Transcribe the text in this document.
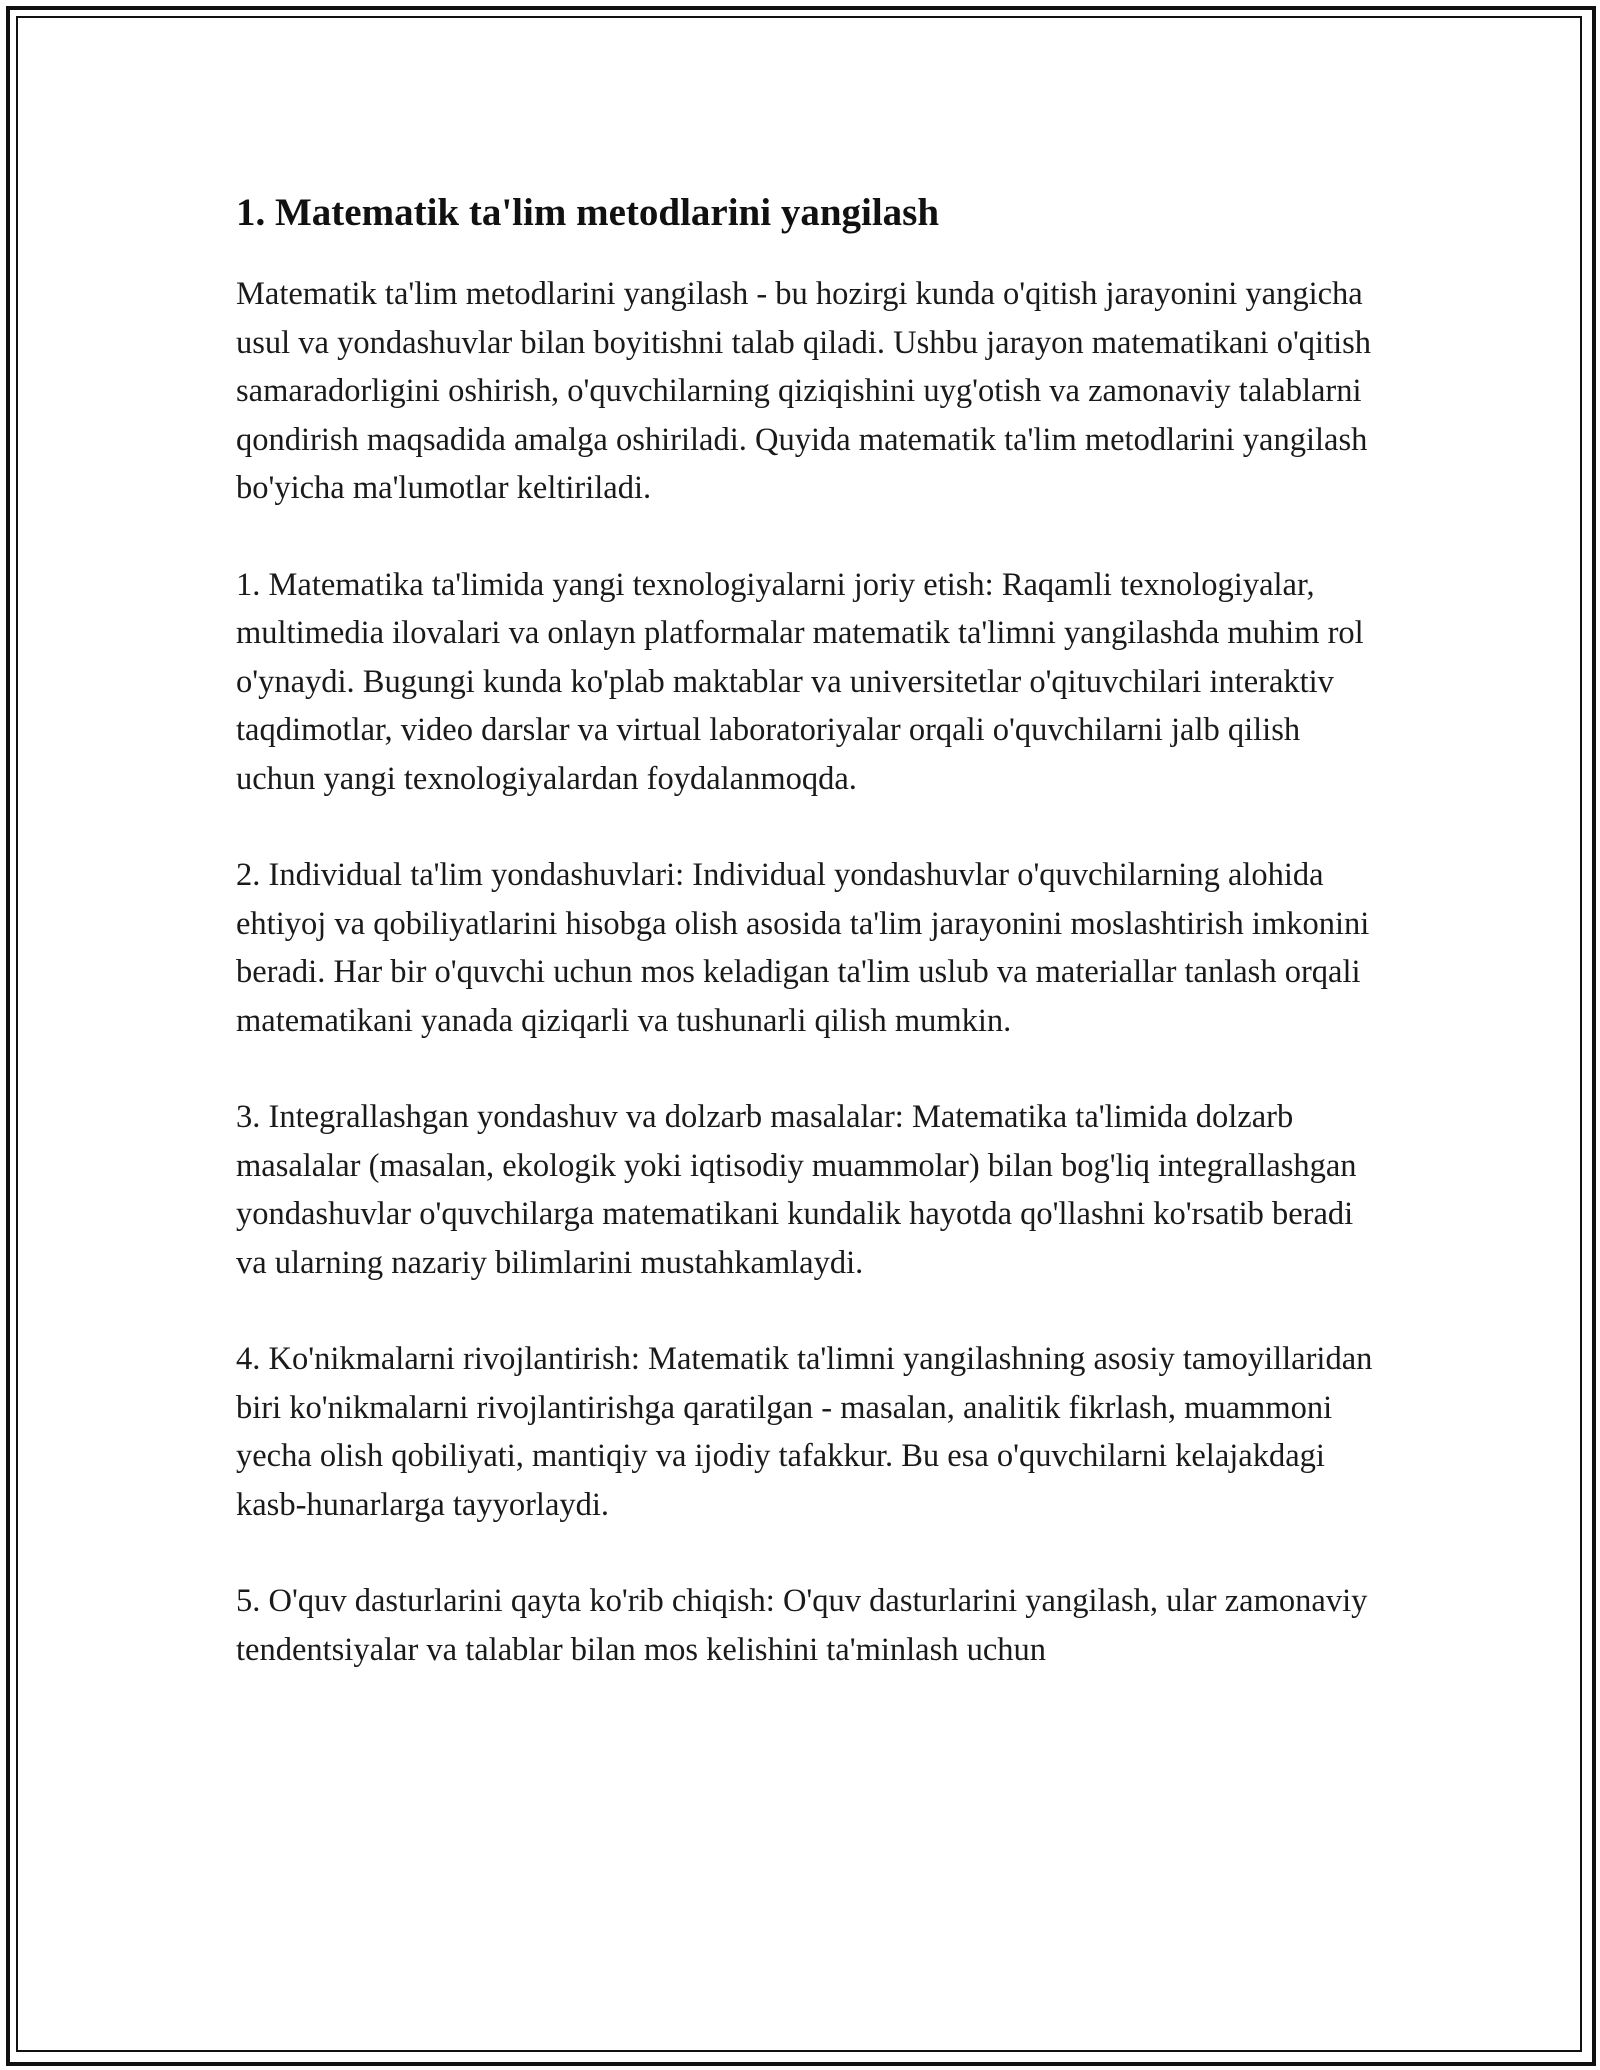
1. Matematik ta'lim metodlarini yangilash

Matematik ta'lim metodlarini yangilash - bu hozirgi kunda o'qitish jarayonini yangicha usul va yondashuvlar bilan boyitishni talab qiladi. Ushbu jarayon matematikani o'qitish samaradorligini oshirish, o'quvchilarning qiziqishini uyg'otish va zamonaviy talablarni qondirish maqsadida amalga oshiriladi. Quyida matematik ta'lim metodlarini yangilash bo'yicha ma'lumotlar keltiriladi.

1. Matematika ta'limida yangi texnologiyalarni joriy etish: Raqamli texnologiyalar, multimedia ilovalari va onlayn platformalar matematik ta'limni yangilashda muhim rol o'ynaydi. Bugungi kunda ko'plab maktablar va universitetlar o'qituvchilari interaktiv taqdimotlar, video darslar va virtual laboratoriyalar orqali o'quvchilarni jalb qilish uchun yangi texnologiyalardan foydalanmoqda.

2. Individual ta'lim yondashuvlari: Individual yondashuvlar o'quvchilarning alohida ehtiyoj va qobiliyatlarini hisobga olish asosida ta'lim jarayonini moslashtirish imkonini beradi. Har bir o'quvchi uchun mos keladigan ta'lim uslub va materiallar tanlash orqali matematikani yanada qiziqarli va tushunarli qilish mumkin.

3. Integrallashgan yondashuv va dolzarb masalalar: Matematika ta'limida dolzarb masalalar (masalan, ekologik yoki iqtisodiy muammolar) bilan bog'liq integrallashgan yondashuvlar o'quvchilarga matematikani kundalik hayotda qo'llashni ko'rsatib beradi va ularning nazariy bilimlarini mustahkamlaydi.

4. Ko'nikmalarni rivojlantirish: Matematik ta'limni yangilashning asosiy tamoyillaridan biri ko'nikmalarni rivojlantirishga qaratilgan - masalan, analitik fikrlash, muammoni yecha olish qobiliyati, mantiqiy va ijodiy tafakkur. Bu esa o'quvchilarni kelajakdagi kasb-hunarlarga tayyorlaydi.

5. O'quv dasturlarini qayta ko'rib chiqish: O'quv dasturlarini yangilash, ular zamonaviy tendentsiyalar va talablar bilan mos kelishini ta'minlash uchun
